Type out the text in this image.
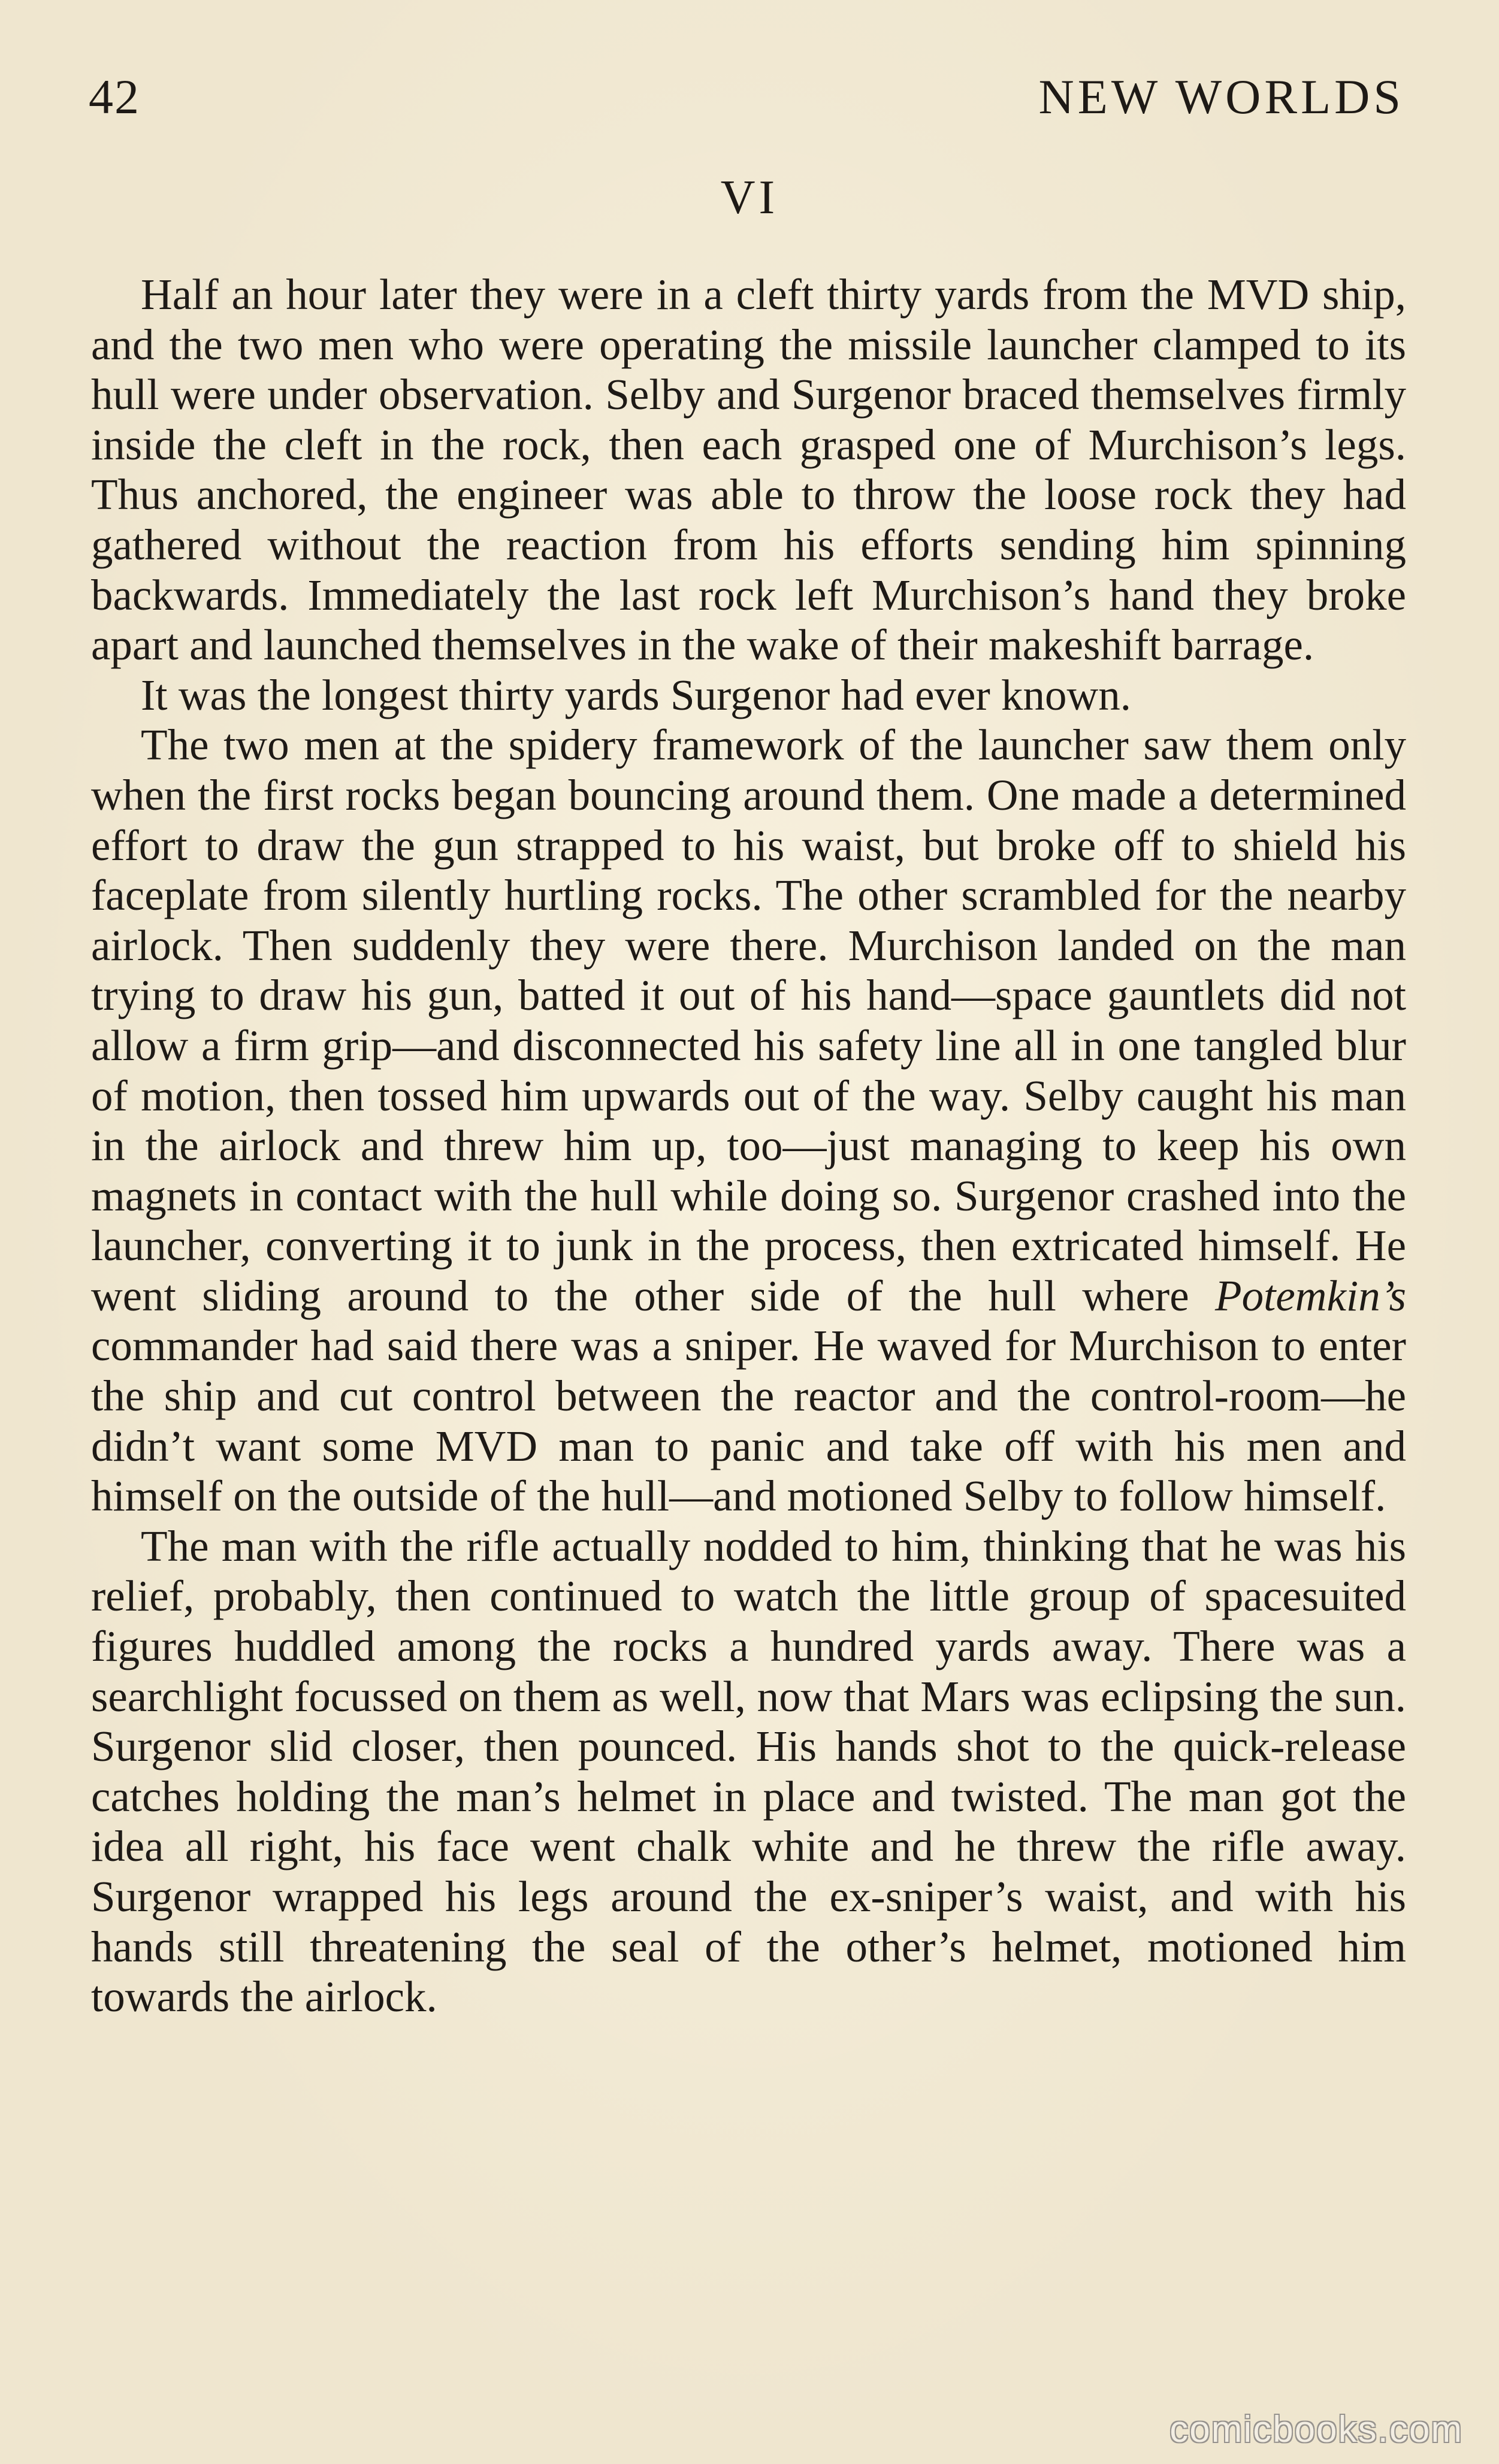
42	NEW WORLDS
VI

Half an hour later they were in a cleft thirty yards from the MVD ship, and the two men who were operating the missile launcher clamped to its hull were under observation. Selby and Surgenor braced themselves firmly inside the cleft in the rock, then each grasped one of Murchison’s legs. Thus anchored, the engineer was able to throw the loose rock they had gathered without the reaction from his efforts sending him spinning backwards. Immediately the last rock left Murchison’s hand they broke apart and launched themselves in the wake of their makeshift barrage.

It was the longest thirty yards Surgenor had ever known.

The two men at the spidery framework of the launcher saw them only when the first rocks began bouncing around them. One made a determined effort to draw the gun strapped to his waist, but broke off to shield his faceplate from silently hurtling rocks. The other scrambled for the nearby airlock. Then suddenly they were there. Murchison landed on the man trying to draw his gun, batted it out of his hand—space gauntlets did not allow a firm grip—and disconnected his safety line all in one tangled blur of motion, then tossed him upwards out of the way. Selby caught his man in the airlock and threw him up, too—just managing to keep his own magnets in contact with the hull while doing so. Surgenor crashed into the launcher, converting it to junk in the process, then extricated himself. He went sliding around to the other side of the hull where Potemkin’s commander had said there was a sniper. He waved for Murchison to enter the ship and cut control between the reactor and the control-room—he didn’t want some MVD man to panic and take off with his men and himself on the outside of the hull—and motioned Selby to follow himself.

The man with the rifle actually nodded to him, thinking that he was his relief, probably, then continued to watch the little group of spacesuited figures huddled among the rocks a hundred yards away. There was a searchlight focussed on them as well, now that Mars was eclipsing the sun. Surgenor slid closer, then pounced. His hands shot to the quick-release catches holding the man’s helmet in place and twisted. The man got the idea all right, his face went chalk white and he threw the rifle away. Surgenor wrapped his legs around the ex-sniper’s waist, and with his hands still threatening the seal of the other’s helmet, motioned him towards the airlock.

comicbooks.com
